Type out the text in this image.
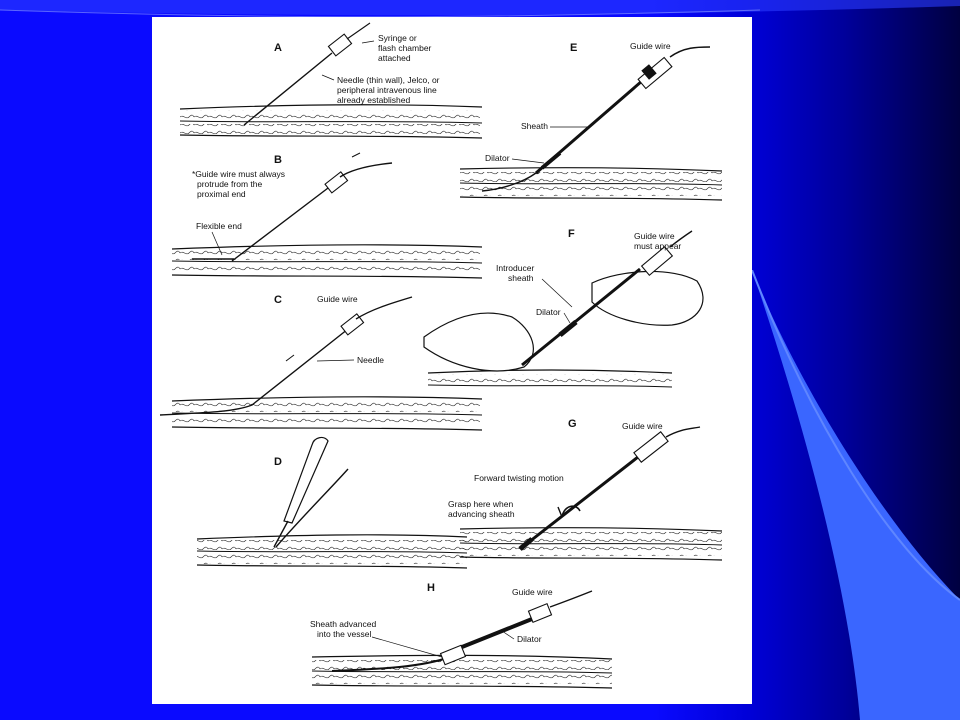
A
Syringe or flash chamber attached
Needle (thin wall), Jelco, or peripheral intravenous line already established
B
*Guide wire must always protrude from the proximal end
Flexible end
C	Guide wire
Needle
D
E	Guide wire
Sheath
Dilator
F	Guide wire must appear
Introducer sheath
Dilator
G	Guide wire
Forward twisting motion
Grasp here when advancing sheath
H	Guide wire
Sheath advanced into the vessel	Dilator
